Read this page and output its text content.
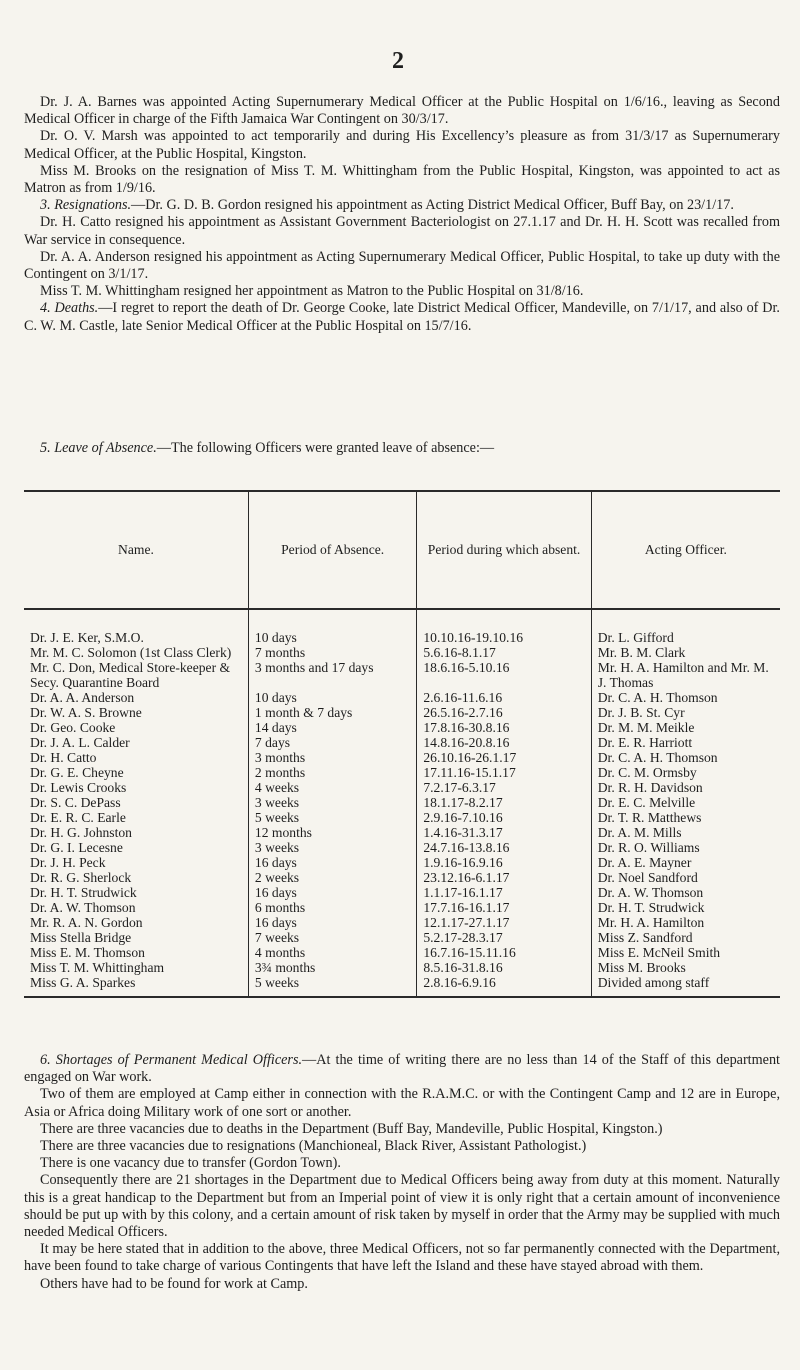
2

Dr. J. A. Barnes was appointed Acting Supernumerary Medical Officer at the Public Hospital on 1/6/16., leaving as Second Medical Officer in charge of the Fifth Jamaica War Contingent on 30/3/17.

Dr. O. V. Marsh was appointed to act temporarily and during His Excellency’s pleasure as from 31/3/17 as Supernumerary Medical Officer, at the Public Hospital, Kingston.

Miss M. Brooks on the resignation of Miss T. M. Whittingham from the Public Hospital, Kingston, was appointed to act as Matron as from 1/9/16.

3. Resignations.—Dr. G. D. B. Gordon resigned his appointment as Acting District Medical Officer, Buff Bay, on 23/1/17.

Dr. H. Catto resigned his appointment as Assistant Government Bacteriologist on 27.1.17 and Dr. H. H. Scott was recalled from War service in consequence.

Dr. A. A. Anderson resigned his appointment as Acting Supernumerary Medical Officer, Public Hospital, to take up duty with the Contingent on 3/1/17.

Miss T. M. Whittingham resigned her appointment as Matron to the Public Hospital on 31/8/16.

4. Deaths.—I regret to report the death of Dr. George Cooke, late District Medical Officer, Mandeville, on 7/1/17, and also of Dr. C. W. M. Castle, late Senior Medical Officer at the Public Hospital on 15/7/16.

5. Leave of Absence.—The following Officers were granted leave of absence:—
Name.	Period of Absence.	Period during which absent.	Acting Officer.
Dr. J. E. Ker, S.M.O.	10 days	10.10.16-19.10.16	Dr. L. Gifford
Mr. M. C. Solomon (1st Class Clerk)	7 months	5.6.16-8.1.17	Mr. B. M. Clark
Mr. C. Don, Medical Store-keeper & Secy. Quarantine Board	3 months and 17 days	18.6.16-5.10.16	Mr. H. A. Hamilton and Mr. M. J. Thomas
Dr. A. A. Anderson	10 days	2.6.16-11.6.16	Dr. C. A. H. Thomson
Dr. W. A. S. Browne	1 month & 7 days	26.5.16-2.7.16	Dr. J. B. St. Cyr
Dr. Geo. Cooke	14 days	17.8.16-30.8.16	Dr. M. M. Meikle
Dr. J. A. L. Calder	7 days	14.8.16-20.8.16	Dr. E. R. Harriott
Dr. H. Catto	3 months	26.10.16-26.1.17	Dr. C. A. H. Thomson
Dr. G. E. Cheyne	2 months	17.11.16-15.1.17	Dr. C. M. Ormsby
Dr. Lewis Crooks	4 weeks	7.2.17-6.3.17	Dr. R. H. Davidson
Dr. S. C. DePass	3 weeks	18.1.17-8.2.17	Dr. E. C. Melville
Dr. E. R. C. Earle	5 weeks	2.9.16-7.10.16	Dr. T. R. Matthews
Dr. H. G. Johnston	12 months	1.4.16-31.3.17	Dr. A. M. Mills
Dr. G. I. Lecesne	3 weeks	24.7.16-13.8.16	Dr. R. O. Williams
Dr. J. H. Peck	16 days	1.9.16-16.9.16	Dr. A. E. Mayner
Dr. R. G. Sherlock	2 weeks	23.12.16-6.1.17	Dr. Noel Sandford
Dr. H. T. Strudwick	16 days	1.1.17-16.1.17	Dr. A. W. Thomson
Dr. A. W. Thomson	6 months	17.7.16-16.1.17	Dr. H. T. Strudwick
Mr. R. A. N. Gordon	16 days	12.1.17-27.1.17	Mr. H. A. Hamilton
Miss Stella Bridge	7 weeks	5.2.17-28.3.17	Miss Z. Sandford
Miss E. M. Thomson	4 months	16.7.16-15.11.16	Miss E. McNeil Smith
Miss T. M. Whittingham	3¾ months	8.5.16-31.8.16	Miss M. Brooks
Miss G. A. Sparkes	5 weeks	2.8.16-6.9.16	Divided among staff

6. Shortages of Permanent Medical Officers.—At the time of writing there are no less than 14 of the Staff of this department engaged on War work.

Two of them are employed at Camp either in connection with the R.A.M.C. or with the Contingent Camp and 12 are in Europe, Asia or Africa doing Military work of one sort or another.

There are three vacancies due to deaths in the Department (Buff Bay, Mandeville, Public Hospital, Kingston.)

There are three vacancies due to resignations (Manchioneal, Black River, Assistant Pathologist.)

There is one vacancy due to transfer (Gordon Town).

Consequently there are 21 shortages in the Department due to Medical Officers being away from duty at this moment. Naturally this is a great handicap to the Department but from an Imperial point of view it is only right that a certain amount of inconvenience should be put up with by this colony, and a certain amount of risk taken by myself in order that the Army may be supplied with much needed Medical Officers.

It may be here stated that in addition to the above, three Medical Officers, not so far permanently connected with the Department, have been found to take charge of various Contingents that have left the Island and these have stayed abroad with them.

Others have had to be found for work at Camp.
